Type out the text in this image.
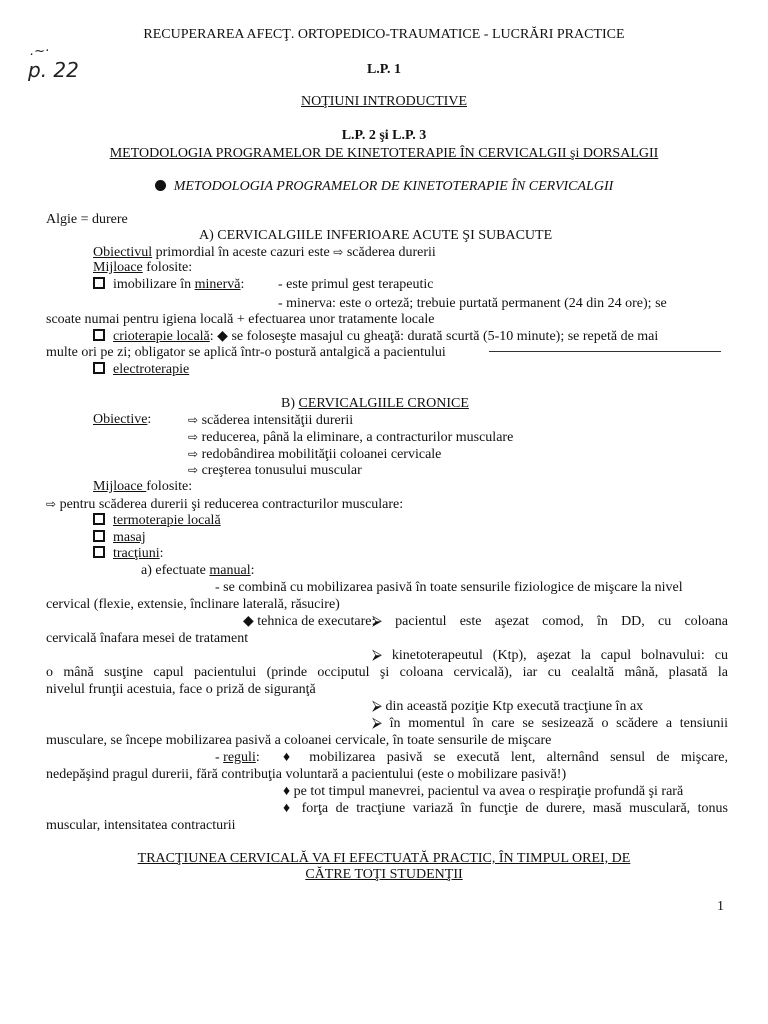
p. 22
.~·
RECUPERAREA AFECŢ. ORTOPEDICO-TRAUMATICE - LUCRĂRI PRACTICE
L.P. 1
NOŢIUNI INTRODUCTIVE
L.P. 2 şi L.P. 3
METODOLOGIA PROGRAMELOR DE KINETOTERAPIE ÎN CERVICALGII şi DORSALGII
METODOLOGIA PROGRAMELOR DE KINETOTERAPIE ÎN CERVICALGII
Algie = durere
A) CERVICALGIILE INFERIOARE ACUTE ŞI SUBACUTE
Obiectivul primordial în aceste cazuri este ⇨ scăderea durerii
Mijloace folosite:
imobilizare în minervă: - este primul gest terapeutic
- minerva: este o orteză; trebuie purtată permanent (24 din 24 ore); se
scoate numai pentru igiena locală + efectuarea unor tratamente locale
crioterapie locală: ◆ se foloseşte masajul cu gheaţă: durată scurtă (5-10 minute); se repetă de mai
multe ori pe zi; obligator se aplică într-o postură antalgică a pacientului
electroterapie
B) CERVICALGIILE CRONICE
Obiective:	⇨ scăderea intensităţii durerii
⇨ reducerea, până la eliminare, a contracturilor musculare
⇨ redobândirea mobilităţii coloanei cervicale
⇨ creşterea tonusului muscular
Mijloace folosite:
⇨ pentru scăderea durerii şi reducerea contracturilor musculare:
termoterapie locală
masaj
tracţiuni:
a) efectuate manual:
- se combină cu mobilizarea pasivă în toate sensurile fiziologice de mişcare la nivel
cervical (flexie, extensie, înclinare laterală, răsucire)
◆ tehnica de executare:
⮚ pacientul este aşezat comod, în DD, cu coloana
cervicală înafara mesei de tratament
⮚ kinetoterapeutul (Ktp), aşezat la capul bolnavului: cu
o mână susţine capul pacientului (prinde occiputul şi coloana cervicală), iar cu cealaltă mână, plasată la
nivelul frunţii acestuia, face o priză de siguranţă
⮚ din această poziţie Ktp execută tracţiune în ax
⮚ în momentul în care se sesizează o scădere a tensiunii
musculare, se începe mobilizarea pasivă a coloanei cervicale, în toate sensurile de mişcare
- reguli: ♦ mobilizarea pasivă se execută lent, alternând sensul de mişcare,
nedepăşind pragul durerii, fără contribuţia voluntară a pacientului (este o mobilizare pasivă!)
♦ pe tot timpul manevrei, pacientul va avea o respiraţie profundă şi rară
♦ forţa de tracţiune variază în funcţie de durere, masă musculară, tonus
muscular, intensitatea contracturii
TRACŢIUNEA CERVICALĂ VA FI EFECTUATĂ PRACTIC, ÎN TIMPUL OREI, DE
CĂTRE TOŢI STUDENŢII
1
